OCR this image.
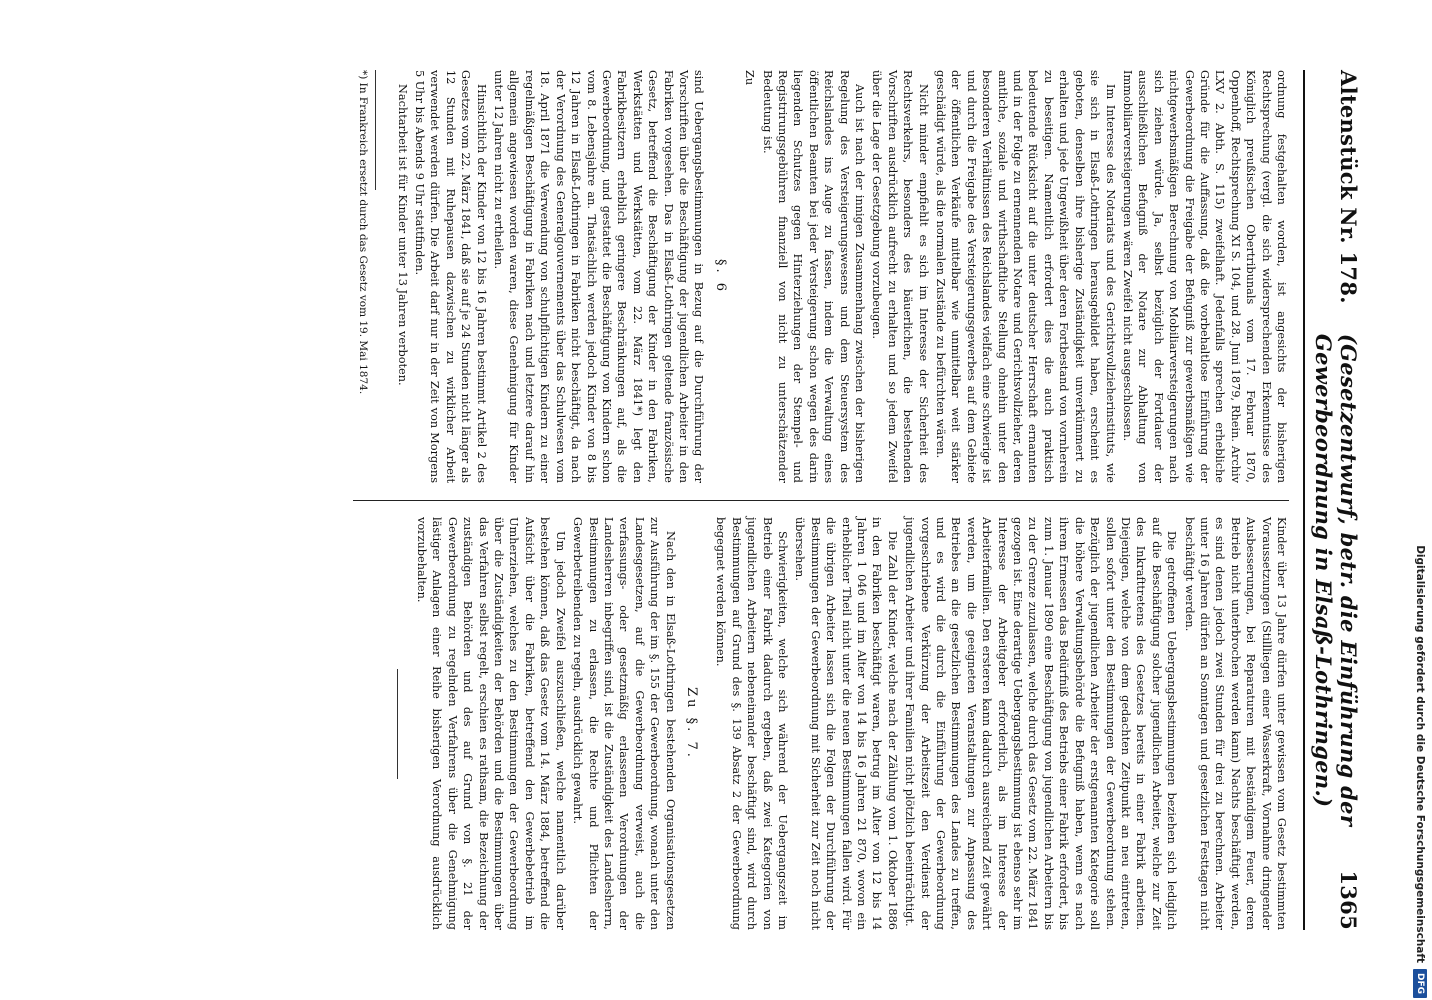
Altenstück Nr. 178.
(Gesetzentwurf, betr. die Einführung der Gewerbeordnung in Elsaß-Lothringen.)
1365

ordnung festgehalten worden, ist angesichts der bisherigen Rechtsprechung (vergl. die sich widersprechenden Erkenntnisse des Königlich preußischen Obertribunals vom 17. Februar 1870, Oppenhoff, Rechtsprechung XI S. 104, und 28. Juni 1879, Rhein. Archiv LXV 2. Abth. S. 115) zweifelhaft. Jedenfalls sprechen erhebliche Gründe für die Auffassung, daß die vorbehaltlose Einführung der Gewerbeordnung die Freigabe der Befugniß zur gewerbsmäßigen wie nichtgewerbsmäßigen Berechnung von Mobiliarversteigerungen nach sich ziehen würde. Ja, selbst bezüglich der Fortdauer der ausschließlichen Befugniß der Notare zur Abhaltung von Immobiliarversteigerungen wären Zweifel nicht ausgeschlossen.

Im Interesse des Notariats und des Gerichtsvollzieherinstituts, wie sie sich in Elsaß-Lothringen herausgebildet haben, erscheint es geboten, denselben ihre bisherige Zuständigkeit unverkümmert zu erhalten und jede Ungewißheit über deren Fortbestand von vornherein zu beseitigen. Namentlich erfordert dies die auch praktisch bedeutende Rücksicht auf die unter deutscher Herrschaft ernannten und in der Folge zu ernennenden Notare und Gerichtsvollzieher, deren amtliche, soziale und wirthschaftliche Stellung ohnehin unter den besonderen Verhältnissen des Reichslandes vielfach eine schwierige ist und durch die Freigabe des Versteigerungsgewerbes auf dem Gebiete der öffentlichen Verkäufe mittelbar wie unmittelbar weit stärker geschädigt würde, als die normalen Zustände zu befürchten wären.

Nicht minder empfiehlt es sich im Interesse der Sicherheit des Rechtsverkehrs, besonders des bäuerlichen, die bestehenden Vorschriften ausdrücklich aufrecht zu erhalten und so jedem Zweifel über die Lage der Gesetzgebung vorzubeugen.

Auch ist nach der innigen Zusammenhang zwischen der bisherigen Regelung des Versteigerungswesens und dem Steuersystem des Reichslandes ins Auge zu fassen, indem die Verwaltung eines öffentlichen Beamten bei jeder Versteigerung schon wegen des darin liegenden Schutzes gegen Hinterziehungen der Stempel- und Registrirungsgebühren finanziell von nicht zu unterschätzender Bedeutung ist.

Zu

§. 6

sind Uebergangsbestimmungen in Bezug auf die Durchführung der Vorschriften über die Beschäftigung der jugendlichen Arbeiter in den Fabriken vorgesehen. Das in Elsaß-Lothringen geltende französische Gesetz, betreffend die Beschäftigung der Kinder in den Fabriken, Werkstätten und Werkstätten, vom 22. März 1841*) legt den Fabrikbesitzern erheblich geringere Beschränkungen auf, als die Gewerbeordnung, und gestattet die Beschäftigung von Kindern schon vom 8. Lebensjahre an. Thatsächlich werden jedoch Kinder von 8 bis 12 Jahren in Elsaß-Lothringen in Fabriken nicht beschäftigt, da nach der Verordnung des Generalgouvernements über das Schulwesen vom 18. April 1871 die Verwendung von schulpflichtigen Kindern zu einer regelmäßigen Beschäftigung in Fabriken nach und letztere darauf hin allgemein angewiesen worden waren, diese Genehmigung für Kinder unter 12 Jahren nicht zu ertheilen.

Hinsichtlich der Kinder von 12 bis 16 Jahren bestimmt Artikel 2 des Gesetzes vom 22. März 1841, daß sie auf je 24 Stunden nicht länger als 12 Stunden mit Ruhepausen dazwischen zu wirklicher Arbeit verwendet werden dürfen. Die Arbeit darf nur in der Zeit von Morgens 5 Uhr bis Abends 9 Uhr stattfinden.

Nachtarbeit ist für Kinder unter 13 Jahren verboten.

*) In Frankreich ersetzt durch das Gesetz vom 19. Mai 1874.

Kinder über 13 Jahre dürfen unter gewissen vom Gesetz bestimmten Voraussetzungen (Stillliegen einer Wasserkraft, Vornahme dringender Ausbesserungen, bei Reparaturen mit beständigem Feuer, deren Betrieb nicht unterbrochen werden kann) Nachts beschäftigt werden, es sind denen jedoch zwei Stunden für drei zu berechnen. Arbeiter unter 16 Jahren dürfen an Sonntagen und gesetzlichen Festtagen nicht beschäftigt werden.

Die getroffenen Uebergangsbestimmungen beziehen sich lediglich auf die Beschäftigung solcher jugendlichen Arbeiter, welche zur Zeit des Inkrafttretens des Gesetzes bereits in einer Fabrik arbeiten. Diejenigen, welche von dem gedachten Zeitpunkt an neu eintreten, sollen sofort unter den Bestimmungen der Gewerbeordnung stehen. Bezüglich der jugendlichen Arbeiter der erstgenannten Kategorie soll die höhere Verwaltungsbehörde die Befugniß haben, wenn es nach ihrem Ermessen das Bedürfniß des Betriebs einer Fabrik erfordert, bis zum 1. Januar 1890 eine Beschäftigung von jugendlichen Arbeitern bis zu der Grenze zuzulassen, welche durch das Gesetz vom 22. März 1841 gezogen ist. Eine derartige Uebergangsbestimmung ist ebenso sehr im Interesse der Arbeitgeber erforderlich, als im Interesse der Arbeiterfamilien. Den ersteren kann dadurch ausreichend Zeit gewährt werden, um die geeigneten Veranstaltungen zur Anpassung des Betriebes an die gesetzlichen Bestimmungen des Landes zu treffen, und es wird die durch die Einführung der Gewerbeordnung vorgeschriebene Verkürzung der Arbeitszeit den Verdienst der jugendlichen Arbeiter und ihrer Familien nicht plötzlich beeinträchtigt.

Die Zahl der Kinder, welche nach der Zählung vom 1. Oktober 1886 in den Fabriken beschäftigt waren, betrug im Alter von 12 bis 14 Jahren 1 046 und im Alter von 14 bis 16 Jahren 21 870, wovon ein erheblicher Theil nicht unter die neuen Bestimmungen fallen wird. Für die übrigen Arbeiter lassen sich die Folgen der Durchführung der Bestimmungen der Gewerbeordnung mit Sicherheit zur Zeit noch nicht übersehen.

Schwierigkeiten, welche sich während der Uebergangszeit im Betrieb einer Fabrik dadurch ergeben, daß zwei Kategorien von jugendlichen Arbeitern nebeneinander beschäftigt sind, wird durch Bestimmungen auf Grund des §. 139 Absatz 2 der Gewerbeordnung begegnet werden können.

Zu §. 7.

Nach den in Elsaß-Lothringen bestehenden Organisationsgesetzen zur Ausführung der im §. 155 der Gewerbeordnung, wonach unter den Landesgesetzen, auf die Gewerbeordnung verweist, auch die verfassungs- oder gesetzmäßig erlassenen Verordnungen der Landesherren inbegriffen sind, ist die Zuständigkeit des Landesherrn, Bestimmungen zu erlassen, die Rechte und Pflichten der Gewerbetreibenden zu regeln, ausdrücklich gewahrt.

Um jedoch Zweifel auszuschließen, welche namentlich darüber bestehen können, daß das Gesetz vom 14. März 1884, betreffend die Aufsicht über die Fabriken, betreffend den Gewerbebetrieb im Umherziehen, welches zu den Bestimmungen der Gewerbeordnung über die Zuständigkeiten der Behörden und die Bestimmungen über das Verfahren selbst regelt, erschien es rathsam, die Bezeichnung der zuständigen Behörden und des auf Grund von §. 21 der Gewerbeordnung zu regelnden Verfahrens über die Genehmigung lästiger Anlagen einer Reihe bisherigen Verordnung ausdrücklich vorzubehalten.	Digitalisierung gefördert durch die Deutsche Forschungsgemeinschaft
DFG
